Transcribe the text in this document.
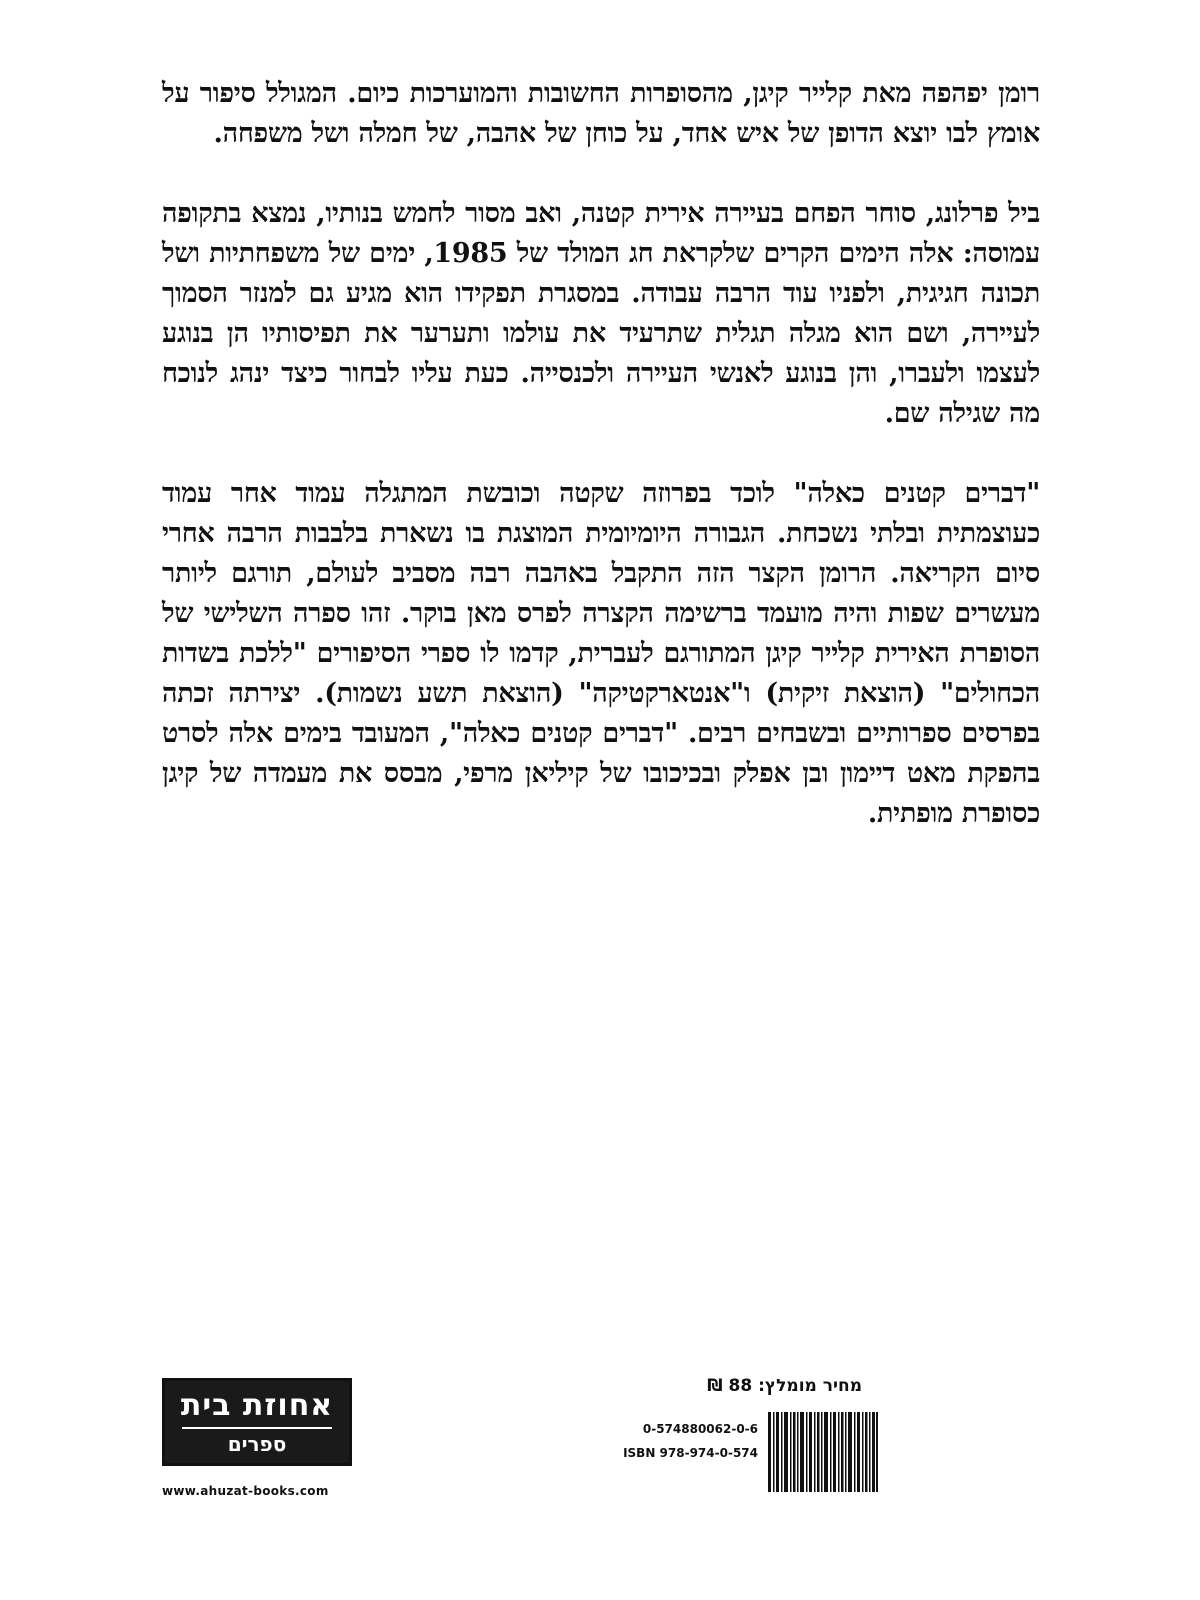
רומן יפהפה מאת קלייר קיגן, מהסופרות החשובות והמוערכות כיום. המגולל סיפור על אומץ לבו יוצא הדופן של איש אחד, על כוחן של אהבה, של חמלה ושל משפחה.

ביל פרלונג, סוחר הפחם בעיירה אירית קטנה, ואב מסור לחמש בנותיו, נמצא בתקופה עמוסה: אלה הימים הקרים שלקראת חג המולד של 1985, ימים של משפחתיות ושל תכונה חגיגית, ולפניו עוד הרבה עבודה. במסגרת תפקידו הוא מגיע גם למנזר הסמוך לעיירה, ושם הוא מגלה תגלית שתרעיד את עולמו ותערער את תפיסותיו הן בנוגע לעצמו ולעברו, והן בנוגע לאנשי העיירה ולכנסייה. כעת עליו לבחור כיצד ינהג לנוכח מה שגילה שם.

"דברים קטנים כאלה" לוכד בפרוזה שקטה וכובשת המתגלה עמוד אחר עמוד כעוצמתית ובלתי נשכחת. הגבורה היומיומית המוצגת בו נשארת בלבבות הרבה אחרי סיום הקריאה. הרומן הקצר הזה התקבל באהבה רבה מסביב לעולם, תורגם ליותר מעשרים שפות והיה מועמד ברשימה הקצרה לפרס מאן בוקר. זהו ספרה השלישי של הסופרת האירית קלייר קיגן המתורגם לעברית, קדמו לו ספרי הסיפורים "ללכת בשדות הכחולים" (הוצאת זיקית) ו"אנטארקטיקה" (הוצאת תשע נשמות). יצירתה זכתה בפרסים ספרותיים ובשבחים רבים. "דברים קטנים כאלה", המעובד בימים אלה לסרט בהפקת מאט דיימון ובן אפלק ובכיכובו של קיליאן מרפי, מבסס את מעמדה של קיגן כסופרת מופתית.

מחיר מומלץ: 88 ₪
0-574880062-0-6
ISBN 978-974-0-574
אחוזת בית
ספרים
www.ahuzat-books.com
